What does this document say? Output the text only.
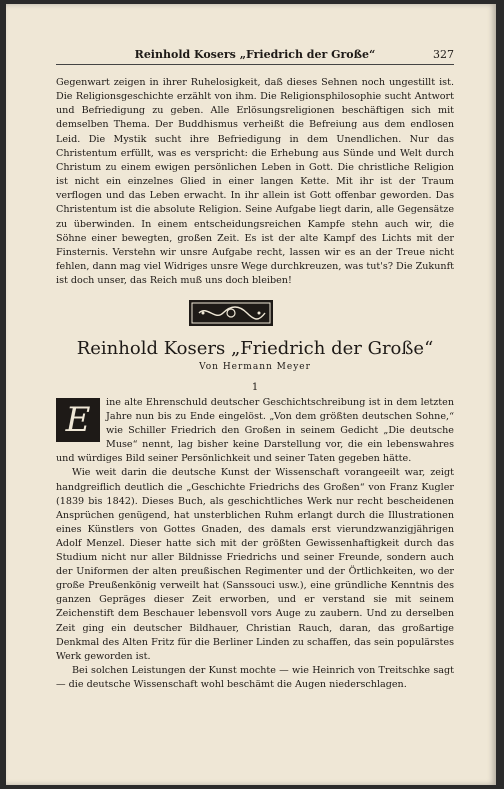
Reinhold Kosers „Friedrich der Große“	327

Gegenwart zeigen in ihrer Ruhelosigkeit, daß dieses Sehnen noch ungestillt ist. Die Religionsgeschichte erzählt von ihm. Die Religionsphilosophie sucht Antwort und Befriedigung zu geben. Alle Erlösungsreligionen beschäftigen sich mit demselben Thema. Der Buddhismus verheißt die Befreiung aus dem endlosen Leid. Die Mystik sucht ihre Befriedigung in dem Unendlichen. Nur das Christentum erfüllt, was es verspricht: die Erhebung aus Sünde und Welt durch Christum zu einem ewigen persönlichen Leben in Gott. Die christliche Religion ist nicht ein einzelnes Glied in einer langen Kette. Mit ihr ist der Traum verflogen und das Leben erwacht. In ihr allein ist Gott offenbar geworden. Das Christentum ist die absolute Religion. Seine Aufgabe liegt darin, alle Gegensätze zu überwinden. In einem entscheidungsreichen Kampfe stehn auch wir, die Söhne einer bewegten, großen Zeit. Es ist der alte Kampf des Lichts mit der Finsternis. Verstehn wir unsre Aufgabe recht, lassen wir es an der Treue nicht fehlen, dann mag viel Widriges unsre Wege durchkreuzen, was tut's? Die Zukunft ist doch unser, das Reich muß uns doch bleiben!

Reinhold Kosers „Friedrich der Große“
Von Hermann Meyer
1
E	ine alte Ehrenschuld deutscher Geschichtschreibung ist in dem letzten Jahre nun bis zu Ende eingelöst. „Von dem größten deutschen Sohne,“ wie Schiller Friedrich den Großen in seinem Gedicht „Die deutsche Muse“ nennt, lag bisher keine Darstellung vor, die ein lebenswahres und würdiges Bild seiner Persönlichkeit und seiner Taten gegeben hätte.

Wie weit darin die deutsche Kunst der Wissenschaft vorangeeilt war, zeigt handgreiflich deutlich die „Geschichte Friedrichs des Großen“ von Franz Kugler (1839 bis 1842). Dieses Buch, als geschichtliches Werk nur recht bescheidenen Ansprüchen genügend, hat unsterblichen Ruhm erlangt durch die Illustrationen eines Künstlers von Gottes Gnaden, des damals erst vierundzwanzigjährigen Adolf Menzel. Dieser hatte sich mit der größten Gewissenhaftigkeit durch das Studium nicht nur aller Bildnisse Friedrichs und seiner Freunde, sondern auch der Uniformen der alten preußischen Regimenter und der Örtlichkeiten, wo der große Preußenkönig verweilt hat (Sanssouci usw.), eine gründliche Kenntnis des ganzen Gepräges dieser Zeit erworben, und er verstand sie mit seinem Zeichenstift dem Beschauer lebensvoll vors Auge zu zaubern. Und zu derselben Zeit ging ein deutscher Bildhauer, Christian Rauch, daran, das großartige Denkmal des Alten Fritz für die Berliner Linden zu schaffen, das sein populärstes Werk geworden ist.

Bei solchen Leistungen der Kunst mochte — wie Heinrich von Treitschke sagt — die deutsche Wissenschaft wohl beschämt die Augen niederschlagen.
